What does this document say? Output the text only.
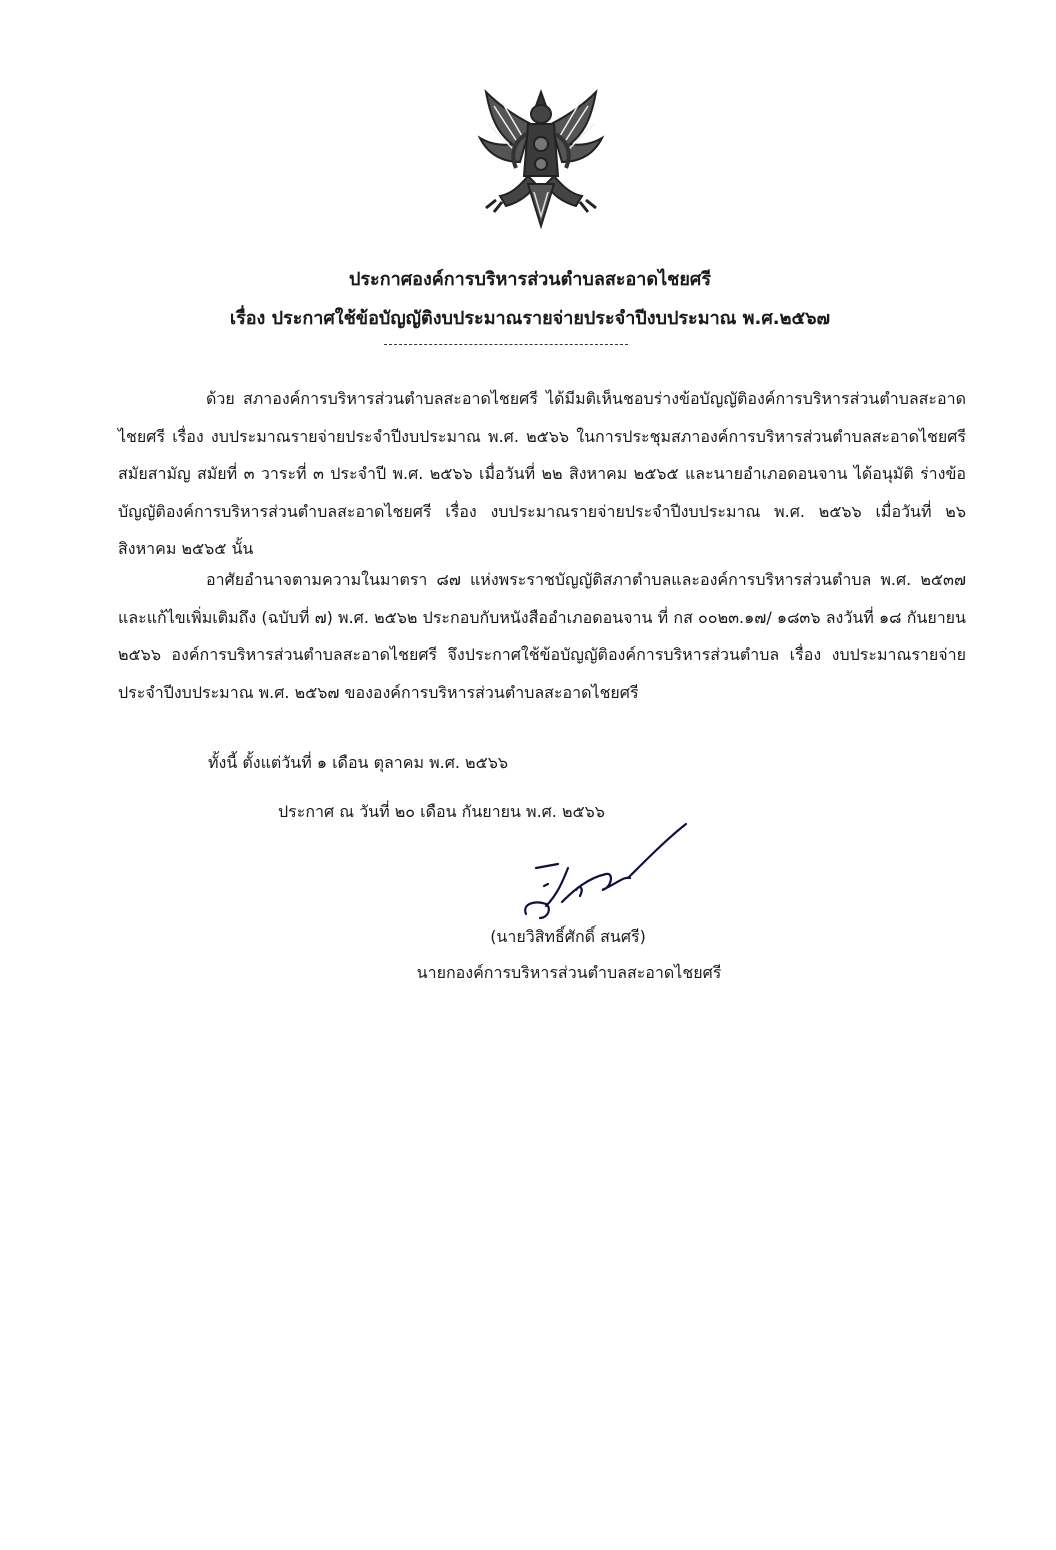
ประกาศองค์การบริหารส่วนตำบลสะอาดไชยศรี
เรื่อง ประกาศใช้ข้อบัญญัติงบประมาณรายจ่ายประจำปีงบประมาณ พ.ศ.๒๕๖๗

ด้วย สภาองค์การบริหารส่วนตำบลสะอาดไชยศรี ได้มีมติเห็นชอบร่างข้อบัญญัติองค์การบริหารส่วนตำบลสะอาดไชยศรี เรื่อง งบประมาณรายจ่ายประจำปีงบประมาณ พ.ศ. ๒๕๖๖ ในการประชุมสภาองค์การบริหารส่วนตำบลสะอาดไชยศรี สมัยสามัญ สมัยที่ ๓ วาระที่ ๓ ประจำปี พ.ศ. ๒๕๖๖ เมื่อวันที่ ๒๒ สิงหาคม ๒๕๖๕ และนายอำเภอดอนจาน ได้อนุมัติ ร่างข้อบัญญัติองค์การบริหารส่วนตำบลสะอาดไชยศรี เรื่อง งบประมาณรายจ่ายประจำปีงบประมาณ พ.ศ. ๒๕๖๖ เมื่อวันที่ ๒๖ สิงหาคม ๒๕๖๕ นั้น

อาศัยอำนาจตามความในมาตรา ๘๗ แห่งพระราชบัญญัติสภาตำบลและองค์การบริหารส่วนตำบล พ.ศ. ๒๕๓๗ และแก้ไขเพิ่มเติมถึง (ฉบับที่ ๗) พ.ศ. ๒๕๖๒ ประกอบกับหนังสืออำเภอดอนจาน ที่ กส ๐๐๒๓.๑๗/ ๑๘๓๖ ลงวันที่ ๑๘ กันยายน ๒๕๖๖ องค์การบริหารส่วนตำบลสะอาดไชยศรี จึงประกาศใช้ข้อบัญญัติองค์การบริหารส่วนตำบล เรื่อง งบประมาณรายจ่ายประจำปีงบประมาณ พ.ศ. ๒๕๖๗ ขององค์การบริหารส่วนตำบลสะอาดไชยศรี

ทั้งนี้ ตั้งแต่วันที่ ๑ เดือน ตุลาคม พ.ศ. ๒๕๖๖
ประกาศ ณ วันที่ ๒๐ เดือน กันยายน พ.ศ. ๒๕๖๖
(นายวิสิทธิ์ศักดิ์ สนศรี)
นายกองค์การบริหารส่วนตำบลสะอาดไชยศรี
